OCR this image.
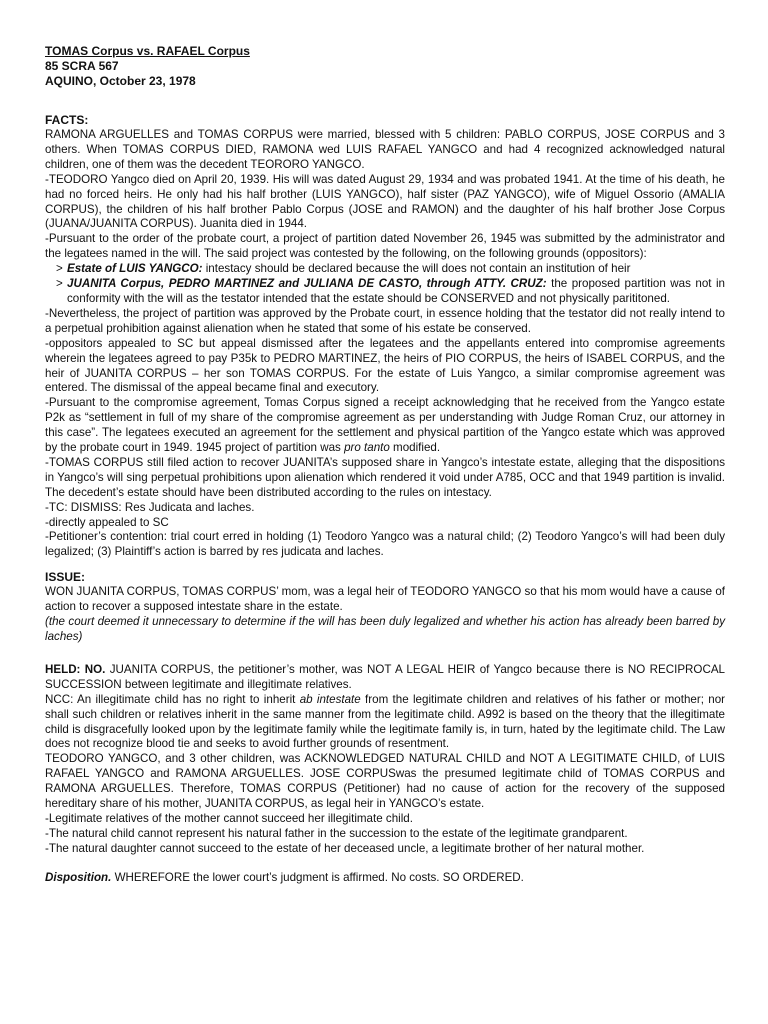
TOMAS Corpus vs. RAFAEL Corpus
85 SCRA 567
AQUINO, October 23, 1978
FACTS:

RAMONA ARGUELLES and TOMAS CORPUS were married, blessed with 5 children: PABLO CORPUS, JOSE CORPUS and 3 others. When TOMAS CORPUS DIED, RAMONA wed LUIS RAFAEL YANGCO and had 4 recognized acknowledged natural children, one of them was the decedent TEORORO YANGCO.

-TEODORO Yangco died on April 20, 1939. His will was dated August 29, 1934 and was probated 1941. At the time of his death, he had no forced heirs. He only had his half brother (LUIS YANGCO), half sister (PAZ YANGCO), wife of Miguel Ossorio (AMALIA CORPUS), the children of his half brother Pablo Corpus (JOSE and RAMON) and the daughter of his half brother Jose Corpus (JUANA/JUANITA CORPUS). Juanita died in 1944.

-Pursuant to the order of the probate court, a project of partition dated November 26, 1945 was submitted by the administrator and the legatees named in the will. The said project was contested by the following, on the following grounds (oppositors):

> Estate of LUIS YANGCO: intestacy should be declared because the will does not contain an institution of heir

> JUANITA Corpus, PEDRO MARTINEZ and JULIANA DE CASTO, through ATTY. CRUZ: the proposed partition was not in conformity with the will as the testator intended that the estate should be CONSERVED and not physically parititoned.

-Nevertheless, the project of partition was approved by the Probate court, in essence holding that the testator did not really intend to a perpetual prohibition against alienation when he stated that some of his estate be conserved.

-oppositors appealed to SC but appeal dismissed after the legatees and the appellants entered into compromise agreements wherein the legatees agreed to pay P35k to PEDRO MARTINEZ, the heirs of PIO CORPUS, the heirs of ISABEL CORPUS, and the heir of JUANITA CORPUS – her son TOMAS CORPUS. For the estate of Luis Yangco, a similar compromise agreement was entered. The dismissal of the appeal became final and executory.

-Pursuant to the compromise agreement, Tomas Corpus signed a receipt acknowledging that he received from the Yangco estate P2k as “settlement in full of my share of the compromise agreement as per understanding with Judge Roman Cruz, our attorney in this case”. The legatees executed an agreement for the settlement and physical partition of the Yangco estate which was approved by the probate court in 1949. 1945 project of partition was pro tanto modified.

-TOMAS CORPUS still filed action to recover JUANITA’s supposed share in Yangco’s intestate estate, alleging that the dispositions in Yangco’s will sing perpetual prohibitions upon alienation which rendered it void under A785, OCC and that 1949 partition is invalid. The decedent’s estate should have been distributed according to the rules on intestacy.

-TC: DISMISS: Res Judicata and laches.

-directly appealed to SC

-Petitioner’s contention: trial court erred in holding (1) Teodoro Yangco was a natural child; (2) Teodoro Yangco’s will had been duly legalized; (3) Plaintiff’s action is barred by res judicata and laches.

ISSUE:

WON JUANITA CORPUS, TOMAS CORPUS’ mom, was a legal heir of TEODORO YANGCO so that his mom would have a cause of action to recover a supposed intestate share in the estate.

(the court deemed it unnecessary to determine if the will has been duly legalized and whether his action has already been barred by laches)

HELD: NO. JUANITA CORPUS, the petitioner’s mother, was NOT A LEGAL HEIR of Yangco because there is NO RECIPROCAL SUCCESSION between legitimate and illegitimate relatives.

NCC: An illegitimate child has no right to inherit ab intestate from the legitimate children and relatives of his father or mother; nor shall such children or relatives inherit in the same manner from the legitimate child. A992 is based on the theory that the illegitimate child is disgracefully looked upon by the legitimate family while the legitimate family is, in turn, hated by the legitimate child. The Law does not recognize blood tie and seeks to avoid further grounds of resentment.

TEODORO YANGCO, and 3 other children, was ACKNOWLEDGED NATURAL CHILD and NOT A LEGITIMATE CHILD, of LUIS RAFAEL YANGCO and RAMONA ARGUELLES. JOSE CORPUSwas the presumed legitimate child of TOMAS CORPUS and RAMONA ARGUELLES. Therefore, TOMAS CORPUS (Petitioner) had no cause of action for the recovery of the supposed hereditary share of his mother, JUANITA CORPUS, as legal heir in YANGCO’s estate.

-Legitimate relatives of the mother cannot succeed her illegitimate child.

-The natural child cannot represent his natural father in the succession to the estate of the legitimate grandparent.

-The natural daughter cannot succeed to the estate of her deceased uncle, a legitimate brother of her natural mother.

Disposition. WHEREFORE the lower court’s judgment is affirmed. No costs. SO ORDERED.
